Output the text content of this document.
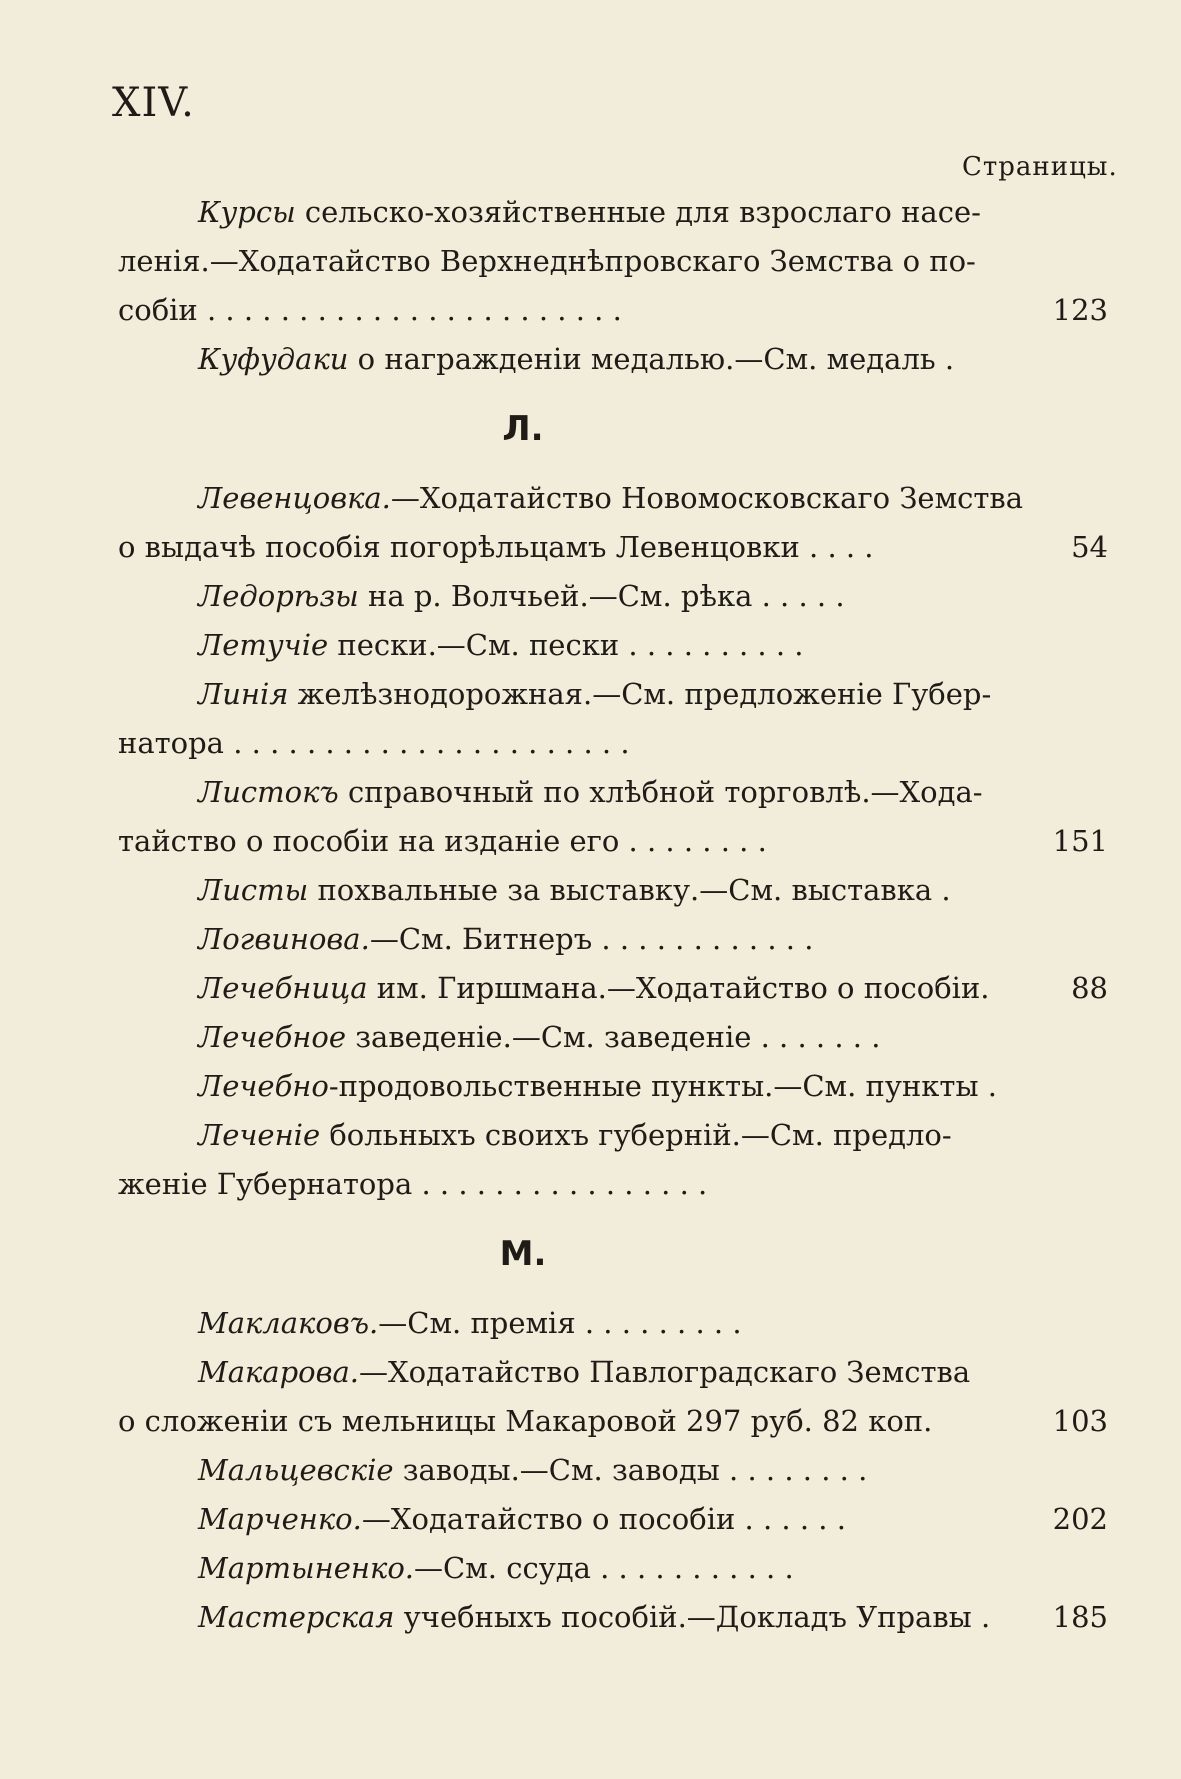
XIV.
Страницы.
Курсы сельско-хозяйственные для взрослаго насе-
ленія.—Ходатайство Верхнеднѣпровскаго Земства о по-
собіи . . . . . . . . . . . . . . . . . . . . . . .	123
Куфудаки о награжденіи медалью.—См. медаль .
Л.
Левенцовка.—Ходатайство Новомосковскаго Земства
о выдачѣ пособія погорѣльцамъ Левенцовки . . . .	54
Ледорѣзы на р. Волчьей.—См. рѣка . . . . .
Летучіе пески.—См. пески . . . . . . . . . .
Линія желѣзнодорожная.—См. предложеніе Губер-
натора . . . . . . . . . . . . . . . . . . . . . .
Листокъ справочный по хлѣбной торговлѣ.—Хода-
тайство о пособіи на изданіе его . . . . . . . .	151
Листы похвальные за выставку.—См. выставка .
Логвинова.—См. Битнеръ . . . . . . . . . . . .
Лечебница им. Гиршмана.—Ходатайство о пособіи.	88
Лечебное заведеніе.—См. заведеніе . . . . . . .
Лечебно-продовольственные пункты.—См. пункты .
Леченіе больныхъ своихъ губерній.—См. предло-
женіе Губернатора . . . . . . . . . . . . . . . .
М.
Маклаковъ.—См. премія . . . . . . . . .
Макарова.—Ходатайство Павлоградскаго Земства
о сложеніи съ мельницы Макаровой 297 руб. 82 коп.	103
Мальцевскіе заводы.—См. заводы . . . . . . . .
Марченко.—Ходатайство о пособіи . . . . . .	202
Мартыненко.—См. ссуда . . . . . . . . . . .
Мастерская учебныхъ пособій.—Докладъ Управы . 185
